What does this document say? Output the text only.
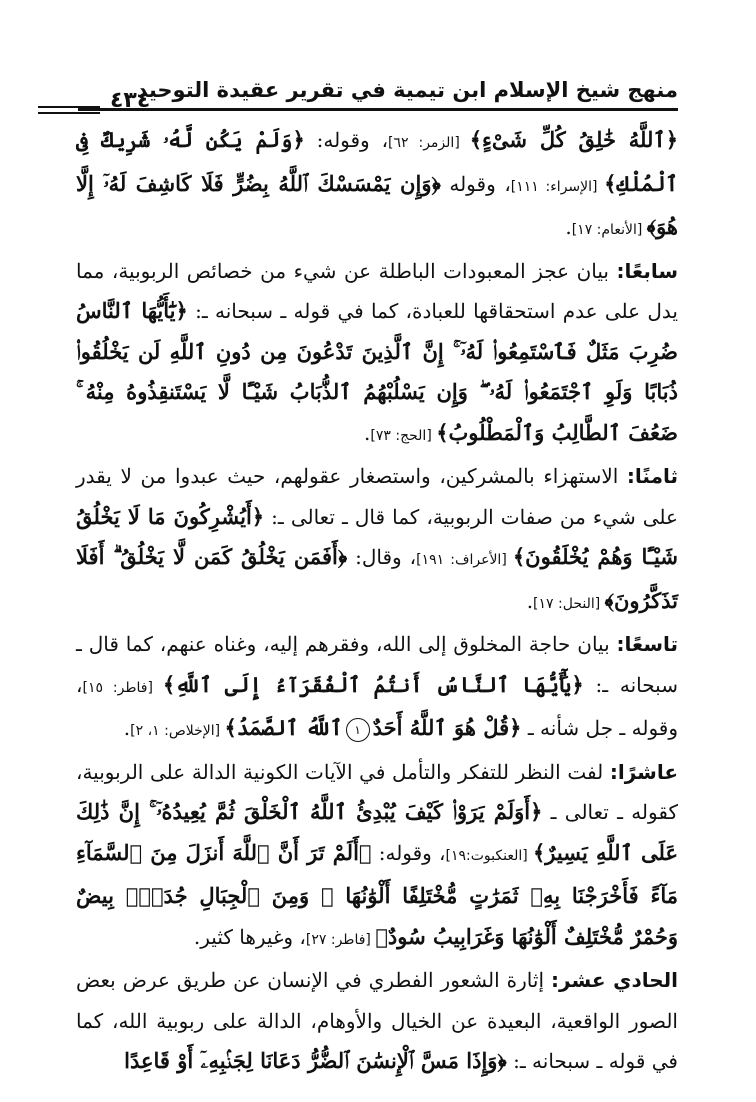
منهج شيخ الإسلام ابن تيمية في تقرير عقيدة التوحيد
٤٣٤

﴿ٱللَّهُ خَٰلِقُ كُلِّ شَىْءٍ﴾ [الزمر: ٦٢]، وقوله: ﴿وَلَمْ يَكُن لَّهُۥ شَرِيكٌ فِى ٱلْمُلْكِ﴾ [الإسراء: ١١١]، وقوله ﴿وَإِن يَمْسَسْكَ ٱللَّهُ بِضُرٍّ فَلَا كَاشِفَ لَهُۥٓ إِلَّا هُوَ﴾ [الأنعام: ١٧].

سابعًا: بيان عجز المعبودات الباطلة عن شيء من خصائص الربوبية، مما يدل على عدم استحقاقها للعبادة، كما في قوله ـ سبحانه ـ: ﴿يَٰٓأَيُّهَا ٱلنَّاسُ ضُرِبَ مَثَلٌ فَٱسْتَمِعُوا۟ لَهُۥٓ ۚ إِنَّ ٱلَّذِينَ تَدْعُونَ مِن دُونِ ٱللَّهِ لَن يَخْلُقُوا۟ ذُبَابًا وَلَوِ ٱجْتَمَعُوا۟ لَهُۥ ۖ وَإِن يَسْلُبْهُمُ ٱلذُّبَابُ شَيْـًٔا لَّا يَسْتَنقِذُوهُ مِنْهُ ۚ ضَعُفَ ٱلطَّالِبُ وَٱلْمَطْلُوبُ﴾ [الحج: ٧٣].

ثامنًا: الاستهزاء بالمشركين، واستصغار عقولهم، حيث عبدوا من لا يقدر على شيء من صفات الربوبية، كما قال ـ تعالى ـ: ﴿أَيُشْرِكُونَ مَا لَا يَخْلُقُ شَيْـًٔا وَهُمْ يُخْلَقُونَ﴾ [الأعراف: ١٩١]، وقال: ﴿أَفَمَن يَخْلُقُ كَمَن لَّا يَخْلُقُ ۗ أَفَلَا تَذَكَّرُونَ﴾ [النحل: ١٧].

تاسعًا: بيان حاجة المخلوق إلى الله، وفقرهم إليه، وغناه عنهم، كما قال ـ سبحانه ـ: ﴿يَٰٓأَيُّهَا ٱلنَّاسُ أَنتُمُ ٱلْفُقَرَآءُ إِلَى ٱللَّهِ﴾ [فاطر: ١٥]، وقوله ـ جل شأنه ـ ﴿قُلْ هُوَ ٱللَّهُ أَحَدٌ١ٱللَّهُ ٱلصَّمَدُ﴾ [الإخلاص: ١، ٢].

عاشرًا: لفت النظر للتفكر والتأمل في الآيات الكونية الدالة على الربوبية، كقوله ـ تعالى ـ ﴿أَوَلَمْ يَرَوْا۟ كَيْفَ يُبْدِئُ ٱللَّهُ ٱلْخَلْقَ ثُمَّ يُعِيدُهُۥٓ ۚ إِنَّ ذَٰلِكَ عَلَى ٱللَّهِ يَسِيرٌ﴾ [العنكبوت:١٩]، وقوله: ﴿أَلَمْ تَرَ أَنَّ ٱللَّهَ أَنزَلَ مِنَ ٱلسَّمَآءِ مَآءً فَأَخْرَجْنَا بِهِۦ ثَمَرَٰتٍ مُّخْتَلِفًا أَلْوَٰنُهَا ۚ وَمِنَ ٱلْجِبَالِ جُدَدٌۢ بِيضٌ وَحُمْرٌ مُّخْتَلِفٌ أَلْوَٰنُهَا وَغَرَابِيبُ سُودٌ﴾ [فاطر: ٢٧]، وغيرها كثير.

الحادي عشر: إثارة الشعور الفطري في الإنسان عن طريق عرض بعض الصور الواقعية، البعيدة عن الخيال والأوهام، الدالة على ربوبية الله، كما في قوله ـ سبحانه ـ: ﴿وَإِذَا مَسَّ ٱلْإِنسَٰنَ ٱلضُّرُّ دَعَانَا لِجَنۢبِهِۦٓ أَوْ قَاعِدًا
